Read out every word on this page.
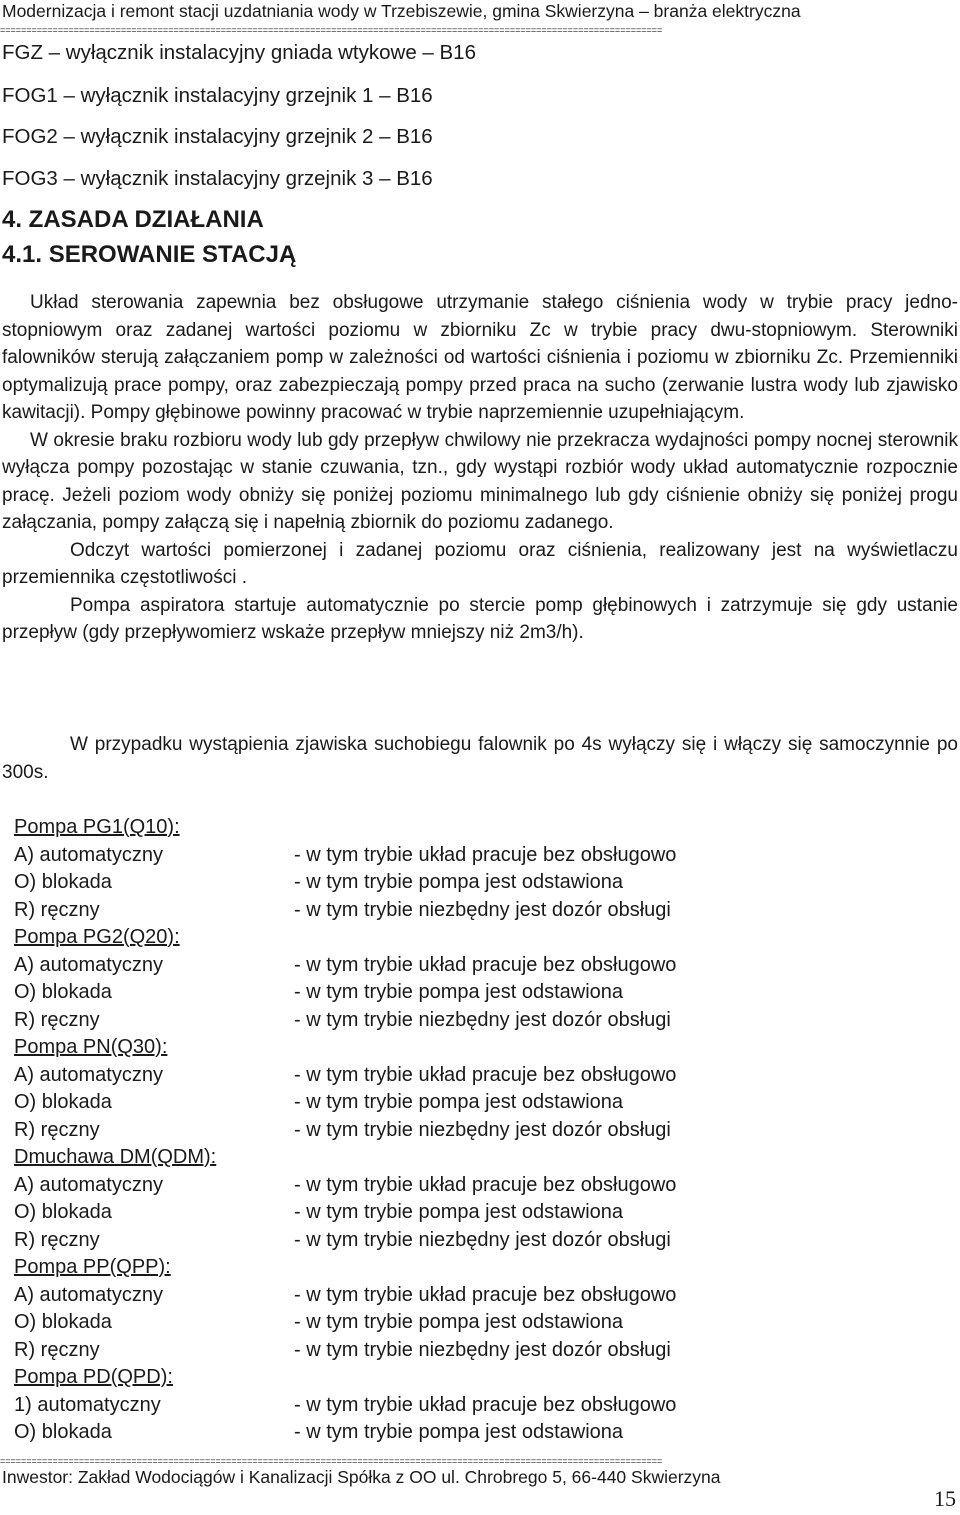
Modernizacja i remont stacji uzdatniania wody w Trzebiszewie, gmina Skwierzyna – branża elektryczna
==============================================================================================================================
FGZ – wyłącznik instalacyjny gniada wtykowe – B16
FOG1 – wyłącznik instalacyjny grzejnik 1 – B16
FOG2 – wyłącznik instalacyjny grzejnik 2 – B16
FOG3 – wyłącznik instalacyjny grzejnik 3 – B16
4. ZASADA DZIAŁANIA
4.1. SEROWANIE STACJĄ

Układ sterowania zapewnia bez obsługowe utrzymanie stałego ciśnienia wody w trybie pracy jedno-stopniowym oraz zadanej wartości poziomu w zbiorniku Zc w trybie pracy dwu-stopniowym. Sterowniki falowników sterują załączaniem pomp w zależności od wartości ciśnienia i poziomu w zbiorniku Zc. Przemienniki optymalizują prace pompy, oraz zabezpieczają pompy przed praca na sucho (zerwanie lustra wody lub zjawisko kawitacji). Pompy głębinowe powinny pracować w trybie naprzemiennie uzupełniającym.

W okresie braku rozbioru wody lub gdy przepływ chwilowy nie przekracza wydajności pompy nocnej sterownik wyłącza pompy pozostając w stanie czuwania, tzn., gdy wystąpi rozbiór wody układ automatycznie rozpocznie pracę. Jeżeli poziom wody obniży się poniżej poziomu minimalnego lub gdy ciśnienie obniży się poniżej progu załączania, pompy załączą się i napełnią zbiornik do poziomu zadanego.

Odczyt wartości pomierzonej i zadanej poziomu oraz ciśnienia, realizowany jest na wyświetlaczu przemiennika częstotliwości .

Pompa aspiratora startuje automatycznie po stercie pomp głębinowych i zatrzymuje się gdy ustanie przepływ (gdy przepływomierz wskaże przepływ mniejszy niż 2m3/h).

W przypadku wystąpienia zjawiska suchobiegu falownik po 4s wyłączy się i włączy się samoczynnie po 300s.

Pompa PG1(Q10):
A) automatyczny	- w tym trybie układ pracuje bez obsługowo
O) blokada	- w tym trybie pompa jest odstawiona
R) ręczny	- w tym trybie niezbędny jest dozór obsługi
Pompa PG2(Q20):
A) automatyczny	- w tym trybie układ pracuje bez obsługowo
O) blokada	- w tym trybie pompa jest odstawiona
R) ręczny	- w tym trybie niezbędny jest dozór obsługi
Pompa PN(Q30):
A) automatyczny	- w tym trybie układ pracuje bez obsługowo
O) blokada	- w tym trybie pompa jest odstawiona
R) ręczny	- w tym trybie niezbędny jest dozór obsługi
Dmuchawa DM(QDM):
A) automatyczny	- w tym trybie układ pracuje bez obsługowo
O) blokada	- w tym trybie pompa jest odstawiona
R) ręczny	- w tym trybie niezbędny jest dozór obsługi
Pompa PP(QPP):
A) automatyczny	- w tym trybie układ pracuje bez obsługowo
O) blokada	- w tym trybie pompa jest odstawiona
R) ręczny	- w tym trybie niezbędny jest dozór obsługi
Pompa PD(QPD):
1) automatyczny	- w tym trybie układ pracuje bez obsługowo
O) blokada	- w tym trybie pompa jest odstawiona
==============================================================================================================================
Inwestor: Zakład Wodociągów i Kanalizacji Spółka z OO ul. Chrobrego 5, 66-440 Skwierzyna
15
